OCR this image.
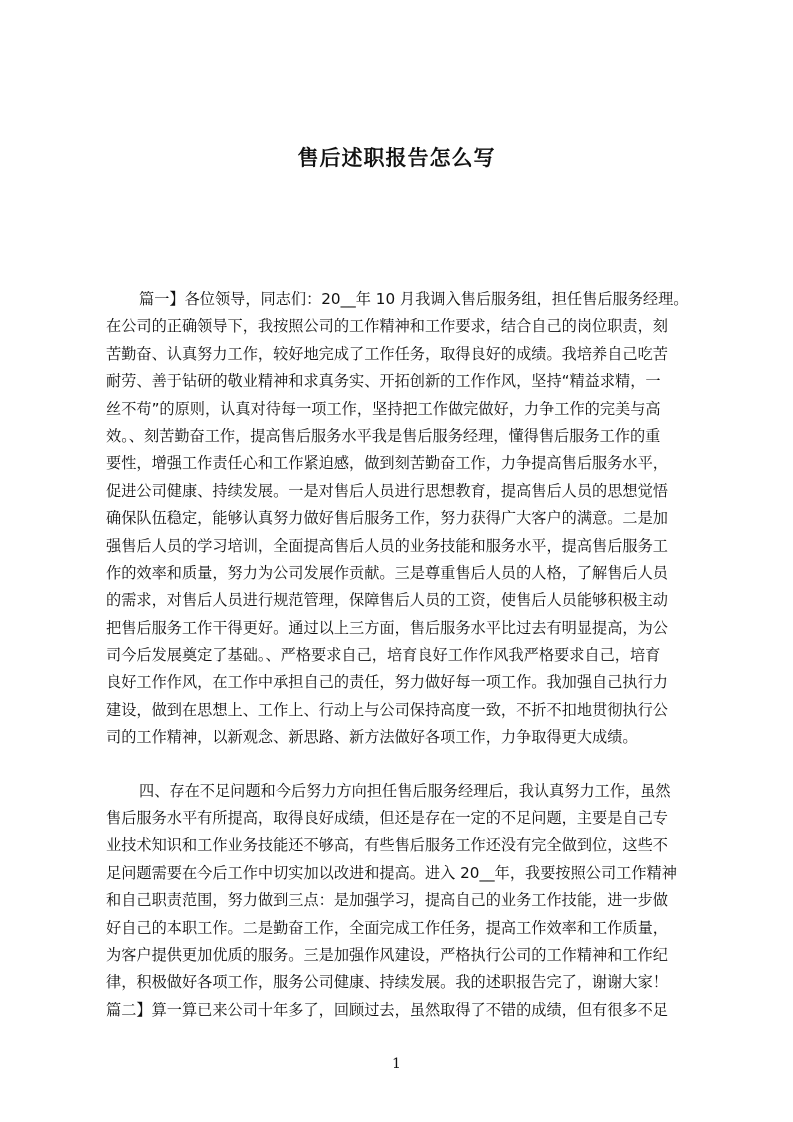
售后述职报告怎么写
篇一】各位领导，同志们：20__年 10 月我调入售后服务组，担任售后服务经理。
在公司的正确领导下，我按照公司的工作精神和工作要求，结合自己的岗位职责，刻
苦勤奋、认真努力工作，较好地完成了工作任务，取得良好的成绩。我培养自己吃苦
耐劳、善于钻研的敬业精神和求真务实、开拓创新的工作作风，坚持“精益求精，一
丝不苟”的原则，认真对待每一项工作，坚持把工作做完做好，力争工作的完美与高
效。、刻苦勤奋工作，提高售后服务水平我是售后服务经理，懂得售后服务工作的重
要性，增强工作责任心和工作紧迫感，做到刻苦勤奋工作，力争提高售后服务水平，
促进公司健康、持续发展。一是对售后人员进行思想教育，提高售后人员的思想觉悟
确保队伍稳定，能够认真努力做好售后服务工作，努力获得广大客户的满意。二是加
强售后人员的学习培训，全面提高售后人员的业务技能和服务水平，提高售后服务工
作的效率和质量，努力为公司发展作贡献。三是尊重售后人员的人格，了解售后人员
的需求，对售后人员进行规范管理，保障售后人员的工资，使售后人员能够积极主动
把售后服务工作干得更好。通过以上三方面，售后服务水平比过去有明显提高，为公
司今后发展奠定了基础。、严格要求自己，培育良好工作作风我严格要求自己，培育
良好工作作风，在工作中承担自己的责任，努力做好每一项工作。我加强自己执行力
建设，做到在思想上、工作上、行动上与公司保持高度一致，不折不扣地贯彻执行公
司的工作精神，以新观念、新思路、新方法做好各项工作，力争取得更大成绩。
四、存在不足问题和今后努力方向担任售后服务经理后，我认真努力工作，虽然
售后服务水平有所提高，取得良好成绩，但还是存在一定的不足问题，主要是自己专
业技术知识和工作业务技能还不够高，有些售后服务工作还没有完全做到位，这些不
足问题需要在今后工作中切实加以改进和提高。进入 20__年，我要按照公司工作精神
和自己职责范围，努力做到三点：是加强学习，提高自己的业务工作技能，进一步做
好自己的本职工作。二是勤奋工作，全面完成工作任务，提高工作效率和工作质量，
为客户提供更加优质的服务。三是加强作风建设，严格执行公司的工作精神和工作纪
律，积极做好各项工作，服务公司健康、持续发展。我的述职报告完了，谢谢大家！
篇二】算一算已来公司十年多了，回顾过去，虽然取得了不错的成绩，但有很多不足
1
